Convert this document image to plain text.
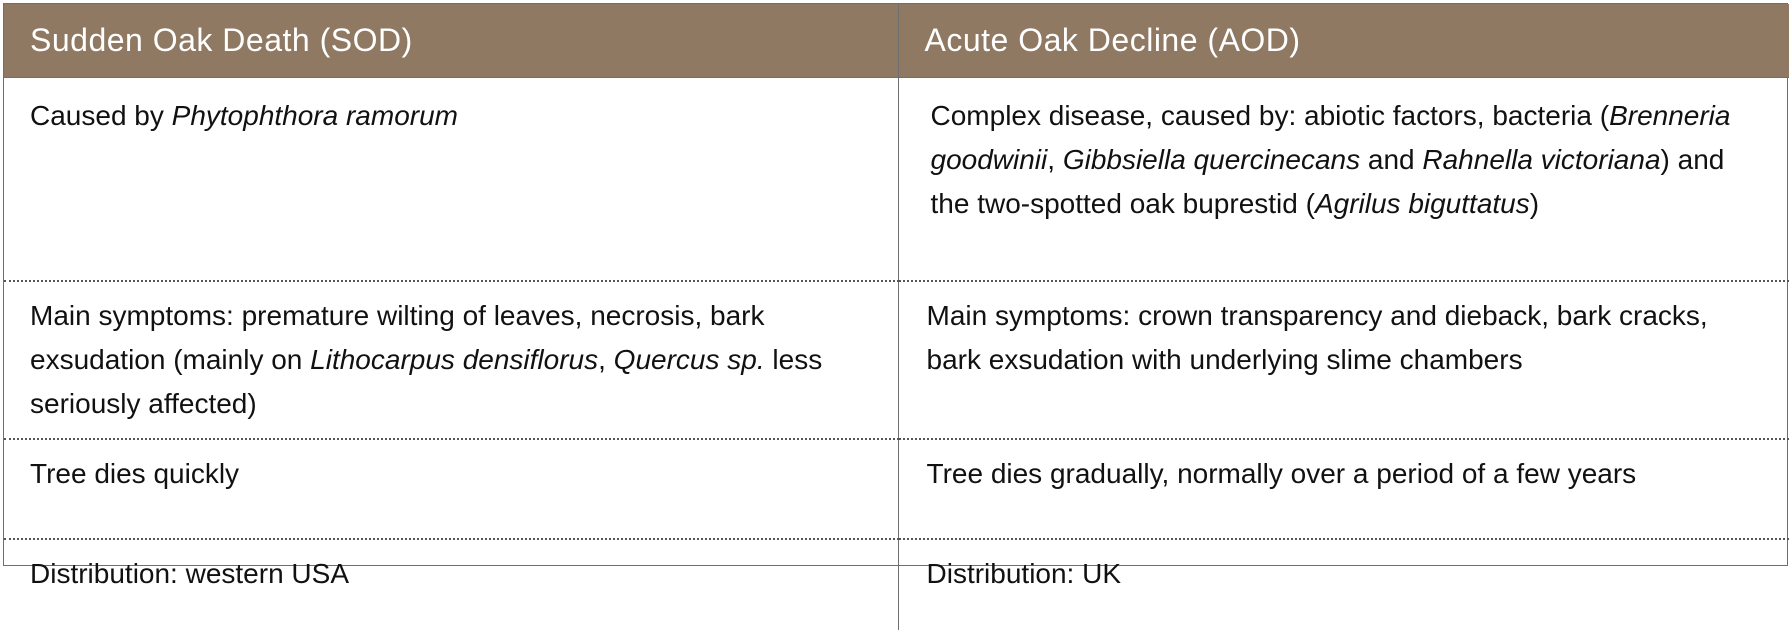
Sudden Oak Death (SOD)	Acute Oak Decline (AOD)
Caused by Phytophthora ramorum	Complex disease, caused by: abiotic factors, bacteria (Brenneria goodwinii, Gibbsiella quercinecans and Rahnella victoriana) and the two-spotted oak buprestid (Agrilus biguttatus)
Main symptoms: premature wilting of leaves, necrosis, bark exsudation (mainly on Lithocarpus densiflorus, Quercus sp. less seriously affected)	Main symptoms: crown transparency and dieback, bark cracks, bark exsudation with underlying slime chambers
Tree dies quickly	Tree dies gradually, normally over a period of a few years
Distribution: western USA	Distribution: UK
